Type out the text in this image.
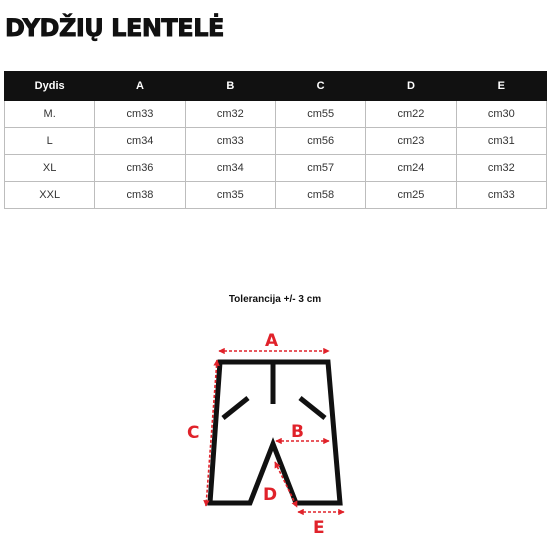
DYDŽIŲ LENTELĖ
Dydis	A	B	C	D	E
M.	cm33	cm32	cm55	cm22	cm30
L	cm34	cm33	cm56	cm23	cm31
XL	cm36	cm34	cm57	cm24	cm32
XXL	cm38	cm35	cm58	cm25	cm33
Tolerancija +/- 3 cm
A
B
C
D
E
